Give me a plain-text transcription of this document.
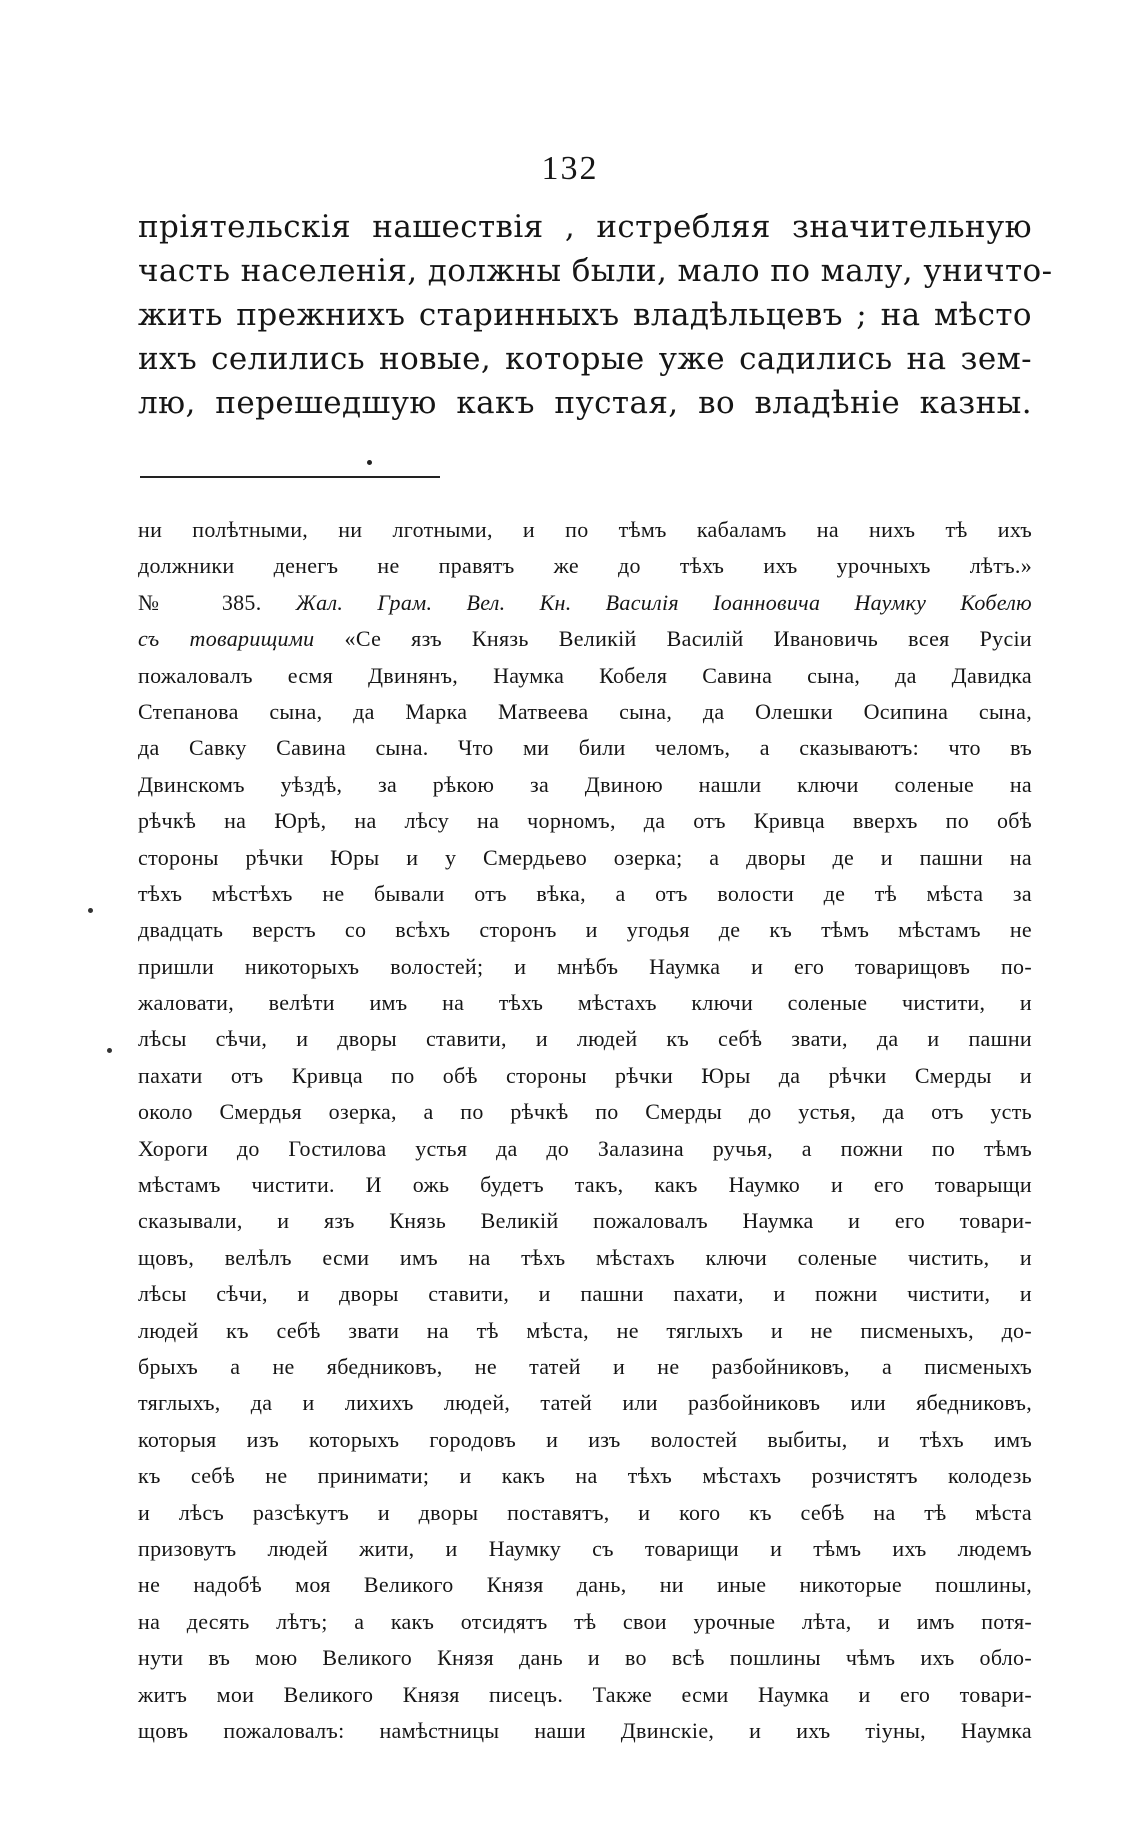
132
пріятельскія нашествія , истребляя значительную
часть населенія, должны были, мало по малу, уничто-
жить прежнихъ старинныхъ владѣльцевъ ; на мѣсто
ихъ селились новые, которые уже садились на зем-
лю, перешедшую какъ пустая, во владѣніе казны.
ни полѣтными, ни лготными, и по тѣмъ кабаламъ на нихъ тѣ ихъ
должники денегъ не правятъ же до тѣхъ ихъ урочныхъ лѣтъ.»
№ 385. Жал. Грам. Вел. Кн. Василія Іоанновича Наумку Кобелю
съ товарищими «Се язъ Князь Великій Василій Ивановичь всея Русіи
пожаловалъ есмя Двинянъ, Наумка Кобеля Савина сына, да Давидка
Степанова сына, да Марка Матвеева сына, да Олешки Осипина сына,
да Савку Савина сына. Что ми били челомъ, а сказываютъ: что въ
Двинскомъ уѣздѣ, за рѣкою за Двиною нашли ключи соленые на
рѣчкѣ на Юрѣ, на лѣсу на чорномъ, да отъ Кривца вверхъ по обѣ
стороны рѣчки Юры и у Смердьево озерка; а дворы де и пашни на
тѣхъ мѣстѣхъ не бывали отъ вѣка, а отъ волости де тѣ мѣста за
двадцать верстъ со всѣхъ сторонъ и угодья де къ тѣмъ мѣстамъ не
пришли никоторыхъ волостей; и мнѣбъ Наумка и его товарищовъ по-
жаловати, велѣти имъ на тѣхъ мѣстахъ ключи соленые чистити, и
лѣсы сѣчи, и дворы ставити, и людей къ себѣ звати, да и пашни
пахати отъ Кривца по обѣ стороны рѣчки Юры да рѣчки Смерды и
около Смердья озерка, а по рѣчкѣ по Смерды до устья, да отъ усть
Хороги до Гостилова устья да до Залазина ручья, а пожни по тѣмъ
мѣстамъ чистити. И ожь будетъ такъ, какъ Наумко и его товарыщи
сказывали, и язъ Князь Великій пожаловалъ Наумка и его товари-
щовъ, велѣлъ есми имъ на тѣхъ мѣстахъ ключи соленые чистить, и
лѣсы сѣчи, и дворы ставити, и пашни пахати, и пожни чистити, и
людей къ себѣ звати на тѣ мѣста, не тяглыхъ и не писменыхъ, до-
брыхъ а не ябедниковъ, не татей и не разбойниковъ, а писменыхъ
тяглыхъ, да и лихихъ людей, татей или разбойниковъ или ябедниковъ,
которыя изъ которыхъ городовъ и изъ волостей выбиты, и тѣхъ имъ
къ себѣ не принимати; и какъ на тѣхъ мѣстахъ розчистятъ колодезь
и лѣсъ разсѣкутъ и дворы поставятъ, и кого къ себѣ на тѣ мѣста
призовутъ людей жити, и Наумку съ товарищи и тѣмъ ихъ людемъ
не надобѣ моя Великого Князя дань, ни иные никоторые пошлины,
на десять лѣтъ; а какъ отсидятъ тѣ свои урочные лѣта, и имъ потя-
нути въ мою Великого Князя дань и во всѣ пошлины чѣмъ ихъ обло-
житъ мои Великого Князя писецъ. Также есми Наумка и его товари-
щовъ пожаловалъ: намѣстницы наши Двинскіе, и ихъ тіуны, Наумка
